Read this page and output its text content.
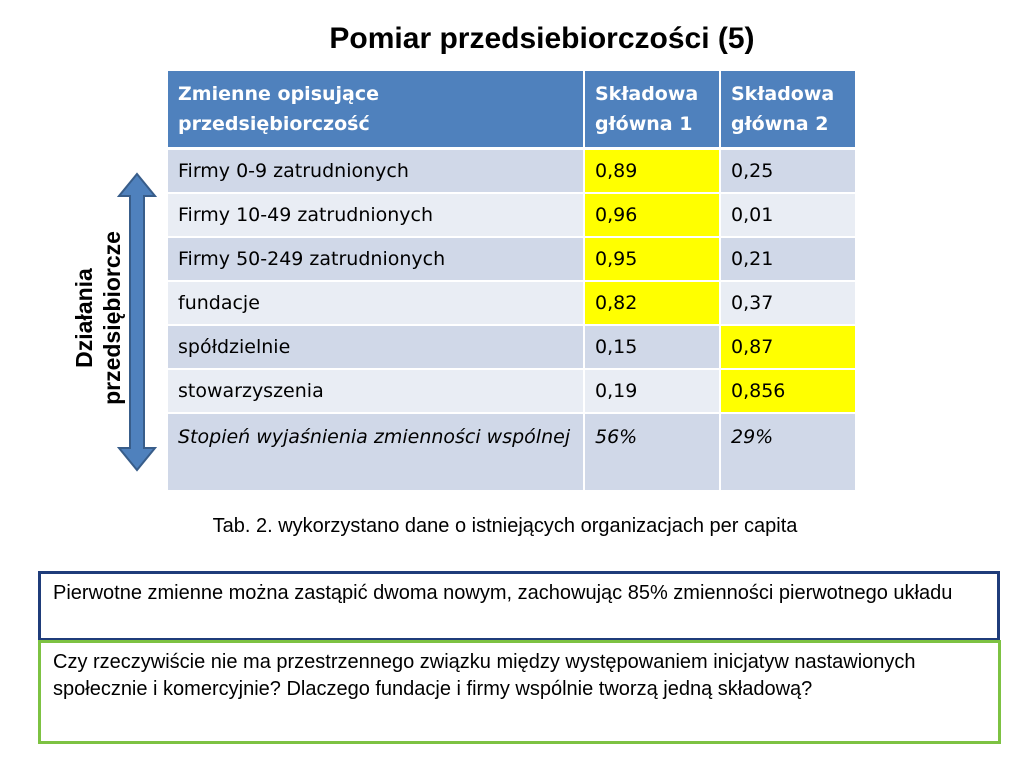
Pomiar przedsiebiorczości (5)
Działania przedsiębiorcze
Zmienne opisujące przedsiębiorczość	Składowa główna 1	Składowa główna 2
Firmy 0-9 zatrudnionych	0,89	0,25
Firmy 10-49 zatrudnionych	0,96	0,01
Firmy 50-249 zatrudnionych	0,95	0,21
fundacje	0,82	0,37
spółdzielnie	0,15	0,87
stowarzyszenia	0,19	0,856
Stopień wyjaśnienia zmienności wspólnej	56%	29%
Tab. 2. wykorzystano dane o istniejących organizacjach per capita
Pierwotne zmienne można zastąpić dwoma nowym, zachowując 85% zmienności pierwotnego układu
Czy rzeczywiście nie ma przestrzennego związku między występowaniem inicjatyw nastawionych społecznie i komercyjnie? Dlaczego fundacje i firmy wspólnie tworzą jedną składową?
